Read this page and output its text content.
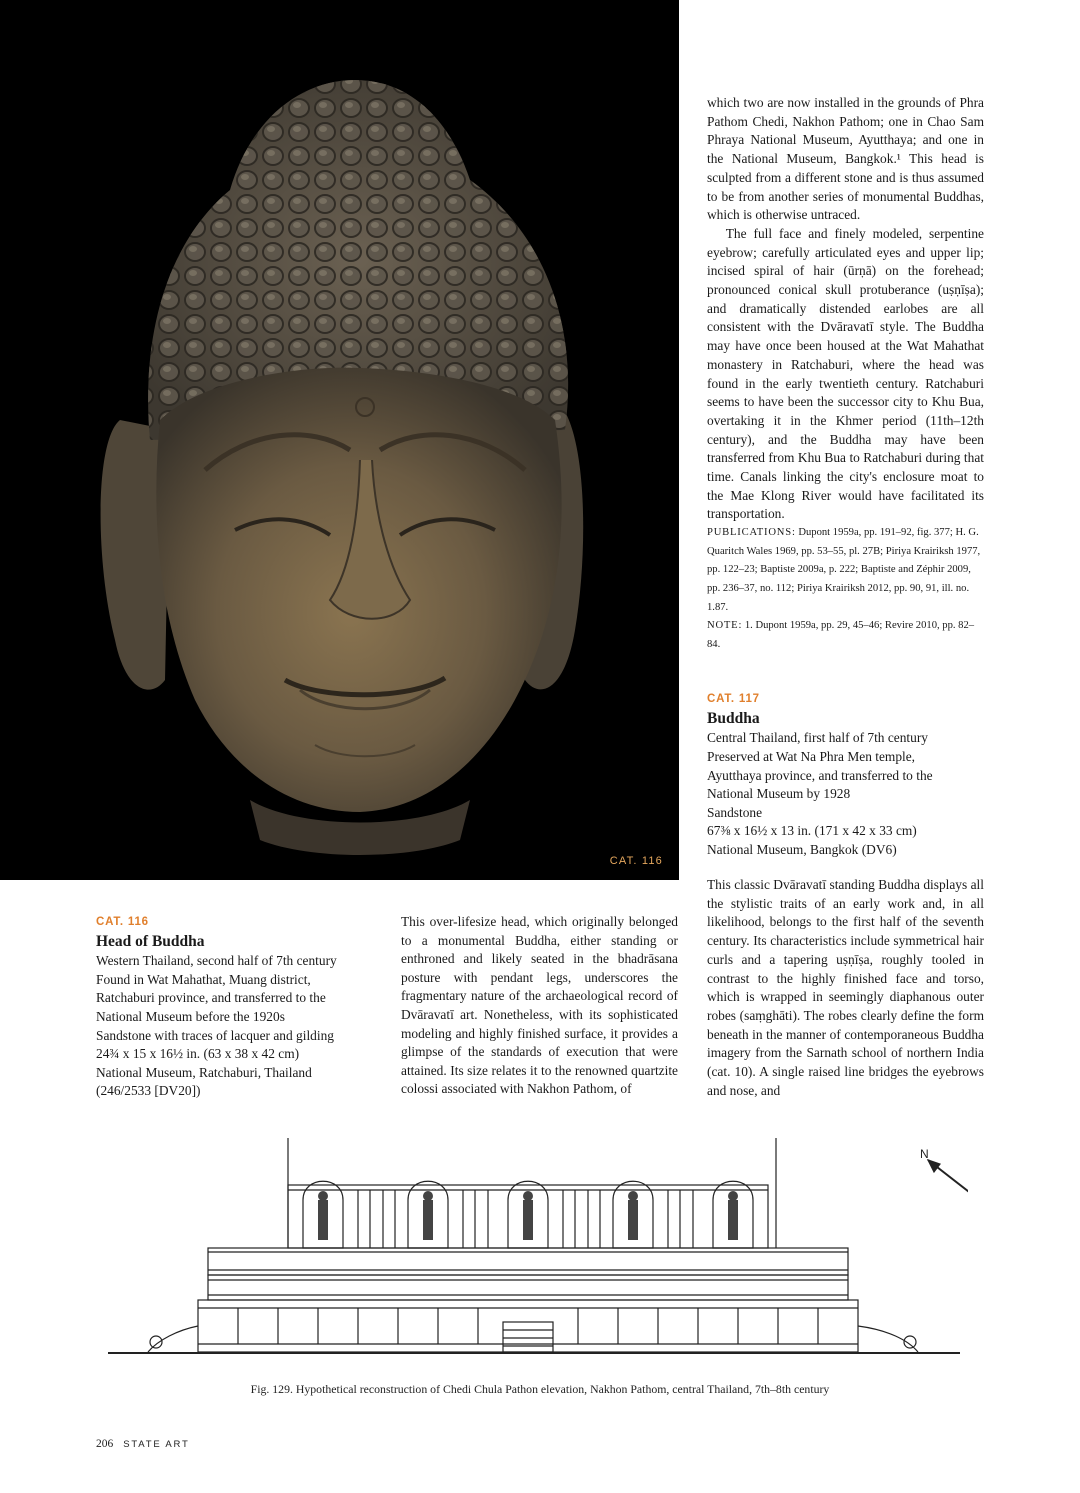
CAT. 116

which two are now installed in the grounds of Phra Pathom Chedi, Nakhon Pathom; one in Chao Sam Phraya National Museum, Ayutthaya; and one in the National Museum, Bangkok.¹ This head is sculpted from a different stone and is thus assumed to be from another series of monumental Buddhas, which is otherwise untraced.

The full face and finely modeled, serpentine eyebrow; carefully articulated eyes and upper lip; incised spiral of hair (ūrṇā) on the forehead; pronounced conical skull protuberance (uṣṇīṣa); and dramatically distended earlobes are all consistent with the Dvāravatī style. The Buddha may have once been housed at the Wat Mahathat monastery in Ratchaburi, where the head was found in the early twentieth century. Ratchaburi seems to have been the successor city to Khu Bua, overtaking it in the Khmer period (11th–12th century), and the Buddha may have been transferred from Khu Bua to Ratchaburi during that time. Canals linking the city's enclosure moat to the Mae Klong River would have facilitated its transportation.

PUBLICATIONS: Dupont 1959a, pp. 191–92, fig. 377; H. G. Quaritch Wales 1969, pp. 53–55, pl. 27B; Piriya Krairiksh 1977, pp. 122–23; Baptiste 2009a, p. 222; Baptiste and Zéphir 2009, pp. 236–37, no. 112; Piriya Krairiksh 2012, pp. 90, 91, ill. no. 1.87.

NOTE: 1. Dupont 1959a, pp. 29, 45–46; Revire 2010, pp. 82–84.

CAT. 117
Buddha
Central Thailand, first half of 7th century
Preserved at Wat Na Phra Men temple,
Ayutthaya province, and transferred to the
National Museum by 1928
Sandstone
67⅜ x 16½ x 13 in. (171 x 42 x 33 cm)
National Museum, Bangkok (DV6)
This classic Dvāravatī standing Buddha displays all the stylistic traits of an early work and, in all likelihood, belongs to the first half of the seventh century. Its characteristics include symmetrical hair curls and a tapering uṣṇīṣa, roughly tooled in contrast to the highly finished face and torso, which is wrapped in seemingly diaphanous outer robes (saṃghāti). The robes clearly define the form beneath in the manner of contemporaneous Buddha imagery from the Sarnath school of northern India (cat. 10). A single raised line bridges the eyebrows and nose, and
CAT. 116
Head of Buddha
Western Thailand, second half of 7th century
Found in Wat Mahathat, Muang district,
Ratchaburi province, and transferred to the
National Museum before the 1920s
Sandstone with traces of lacquer and gilding
24¾ x 15 x 16½ in. (63 x 38 x 42 cm)
National Museum, Ratchaburi, Thailand
(246/2533 [DV20])
This over-lifesize head, which originally belonged to a monumental Buddha, either standing or enthroned and likely seated in the bhadrāsana posture with pendant legs, underscores the fragmentary nature of the archaeological record of Dvāravatī art. Nonetheless, with its sophisticated modeling and highly finished surface, it provides a glimpse of the standards of execution that were attained. Its size relates it to the renowned quartzite colossi associated with Nakhon Pathom, of
N
Fig. 129. Hypothetical reconstruction of Chedi Chula Pathon elevation, Nakhon Pathom, central Thailand, 7th–8th century
206 STATE ART
